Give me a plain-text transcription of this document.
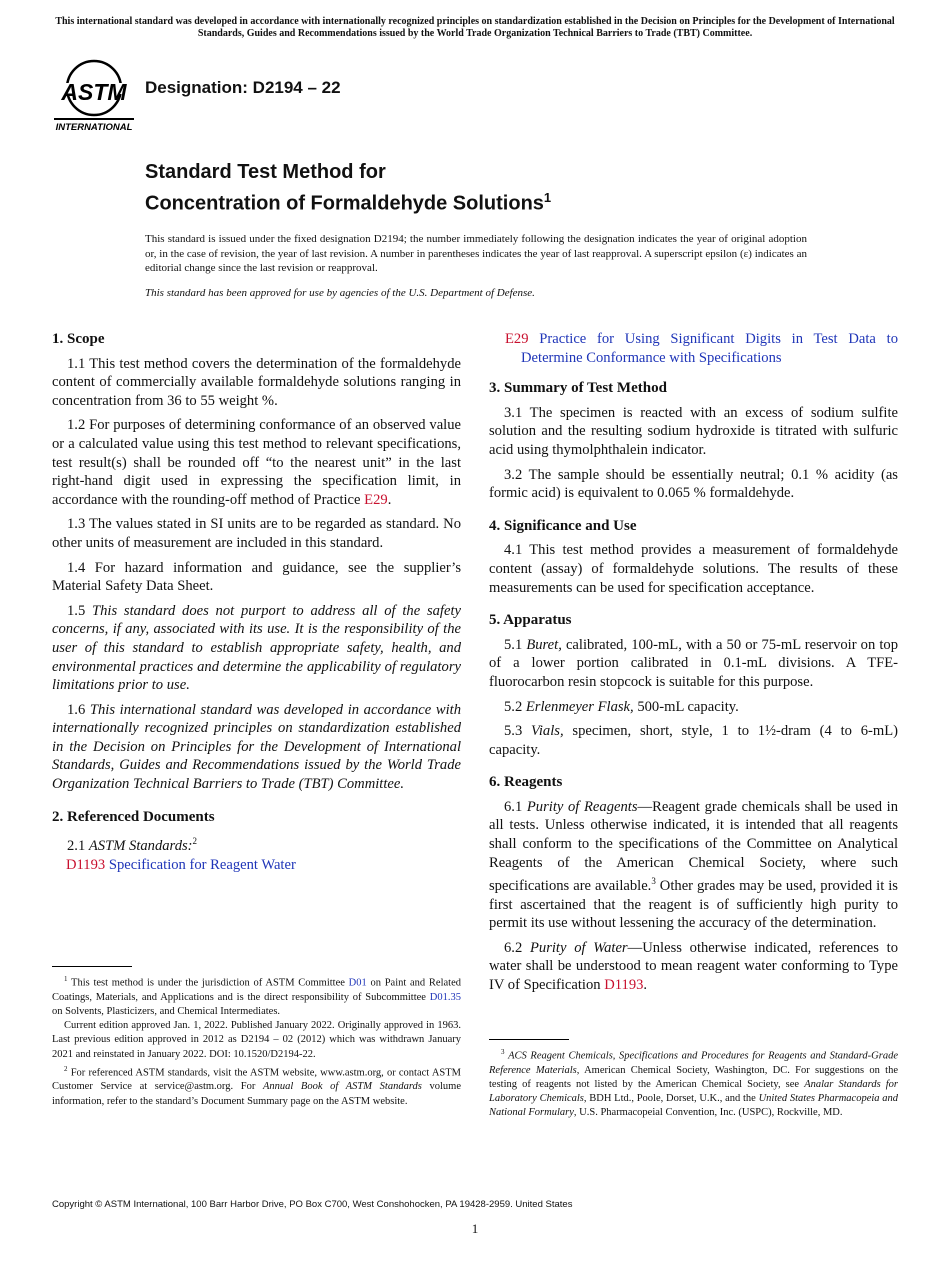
This international standard was developed in accordance with internationally recognized principles on standardization established in the Decision on Principles for the Development of International Standards, Guides and Recommendations issued by the World Trade Organization Technical Barriers to Trade (TBT) Committee.
ASTM
INTERNATIONAL
Designation: D2194 – 22
Standard Test Method for
Concentration of Formaldehyde Solutions$^1$
This standard is issued under the fixed designation D2194; the number immediately following the designation indicates the year of original adoption or, in the case of revision, the year of last revision. A number in parentheses indicates the year of last reapproval. A superscript epsilon (ε) indicates an editorial change since the last revision or reapproval.
This standard has been approved for use by agencies of the U.S. Department of Defense.
1. Scope

1.1 This test method covers the determination of the formaldehyde content of commercially available formaldehyde solutions ranging in concentration from 36 to 55 weight %.

1.2 For purposes of determining conformance of an observed value or a calculated value using this test method to relevant specifications, test result(s) shall be rounded off “to the nearest unit” in the last right-hand digit used in expressing the specification limit, in accordance with the rounding-off method of Practice E29.

1.3 The values stated in SI units are to be regarded as standard. No other units of measurement are included in this standard.

1.4 For hazard information and guidance, see the supplier’s Material Safety Data Sheet.

1.5 This standard does not purport to address all of the safety concerns, if any, associated with its use. It is the responsibility of the user of this standard to establish appropriate safety, health, and environmental practices and determine the applicability of regulatory limitations prior to use.

1.6 This international standard was developed in accordance with internationally recognized principles on standardization established in the Decision on Principles for the Development of International Standards, Guides and Recommendations issued by the World Trade Organization Technical Barriers to Trade (TBT) Committee.

2. Referenced Documents

2.1 ASTM Standards:$^2$

D1193 Specification for Reagent Water

$^1$ This test method is under the jurisdiction of ASTM Committee D01 on Paint and Related Coatings, Materials, and Applications and is the direct responsibility of Subcommittee D01.35 on Solvents, Plasticizers, and Chemical Intermediates.

Current edition approved Jan. 1, 2022. Published January 2022. Originally approved in 1963. Last previous edition approved in 2012 as D2194 – 02 (2012) which was withdrawn January 2021 and reinstated in January 2022. DOI: 10.1520/D2194-22.

$^2$ For referenced ASTM standards, visit the ASTM website, www.astm.org, or contact ASTM Customer Service at service@astm.org. For Annual Book of ASTM Standards volume information, refer to the standard’s Document Summary page on the ASTM website.

E29 Practice for Using Significant Digits in Test Data to Determine Conformance with Specifications

3. Summary of Test Method

3.1 The specimen is reacted with an excess of sodium sulfite solution and the resulting sodium hydroxide is titrated with sulfuric acid using thymolphthalein indicator.

3.2 The sample should be essentially neutral; 0.1 % acidity (as formic acid) is equivalent to 0.065 % formaldehyde.

4. Significance and Use

4.1 This test method provides a measurement of formaldehyde content (assay) of formaldehyde solutions. The results of these measurements can be used for specification acceptance.

5. Apparatus

5.1 Buret, calibrated, 100-mL, with a 50 or 75-mL reservoir on top of a lower portion calibrated in 0.1-mL divisions. A TFE-fluorocarbon resin stopcock is suitable for this purpose.

5.2 Erlenmeyer Flask, 500-mL capacity.

5.3 Vials, specimen, short, style, 1 to 1½-dram (4 to 6-mL) capacity.

6. Reagents

6.1 Purity of Reagents—Reagent grade chemicals shall be used in all tests. Unless otherwise indicated, it is intended that all reagents shall conform to the specifications of the Committee on Analytical Reagents of the American Chemical Society, where such specifications are available.$^3$ Other grades may be used, provided it is first ascertained that the reagent is of sufficiently high purity to permit its use without lessening the accuracy of the determination.

6.2 Purity of Water—Unless otherwise indicated, references to water shall be understood to mean reagent water conforming to Type IV of Specification D1193.

$^3$ ACS Reagent Chemicals, Specifications and Procedures for Reagents and Standard-Grade Reference Materials, American Chemical Society, Washington, DC. For suggestions on the testing of reagents not listed by the American Chemical Society, see Analar Standards for Laboratory Chemicals, BDH Ltd., Poole, Dorset, U.K., and the United States Pharmacopeia and National Formulary, U.S. Pharmacopeial Convention, Inc. (USPC), Rockville, MD.

Copyright © ASTM International, 100 Barr Harbor Drive, PO Box C700, West Conshohocken, PA 19428-2959. United States
1
